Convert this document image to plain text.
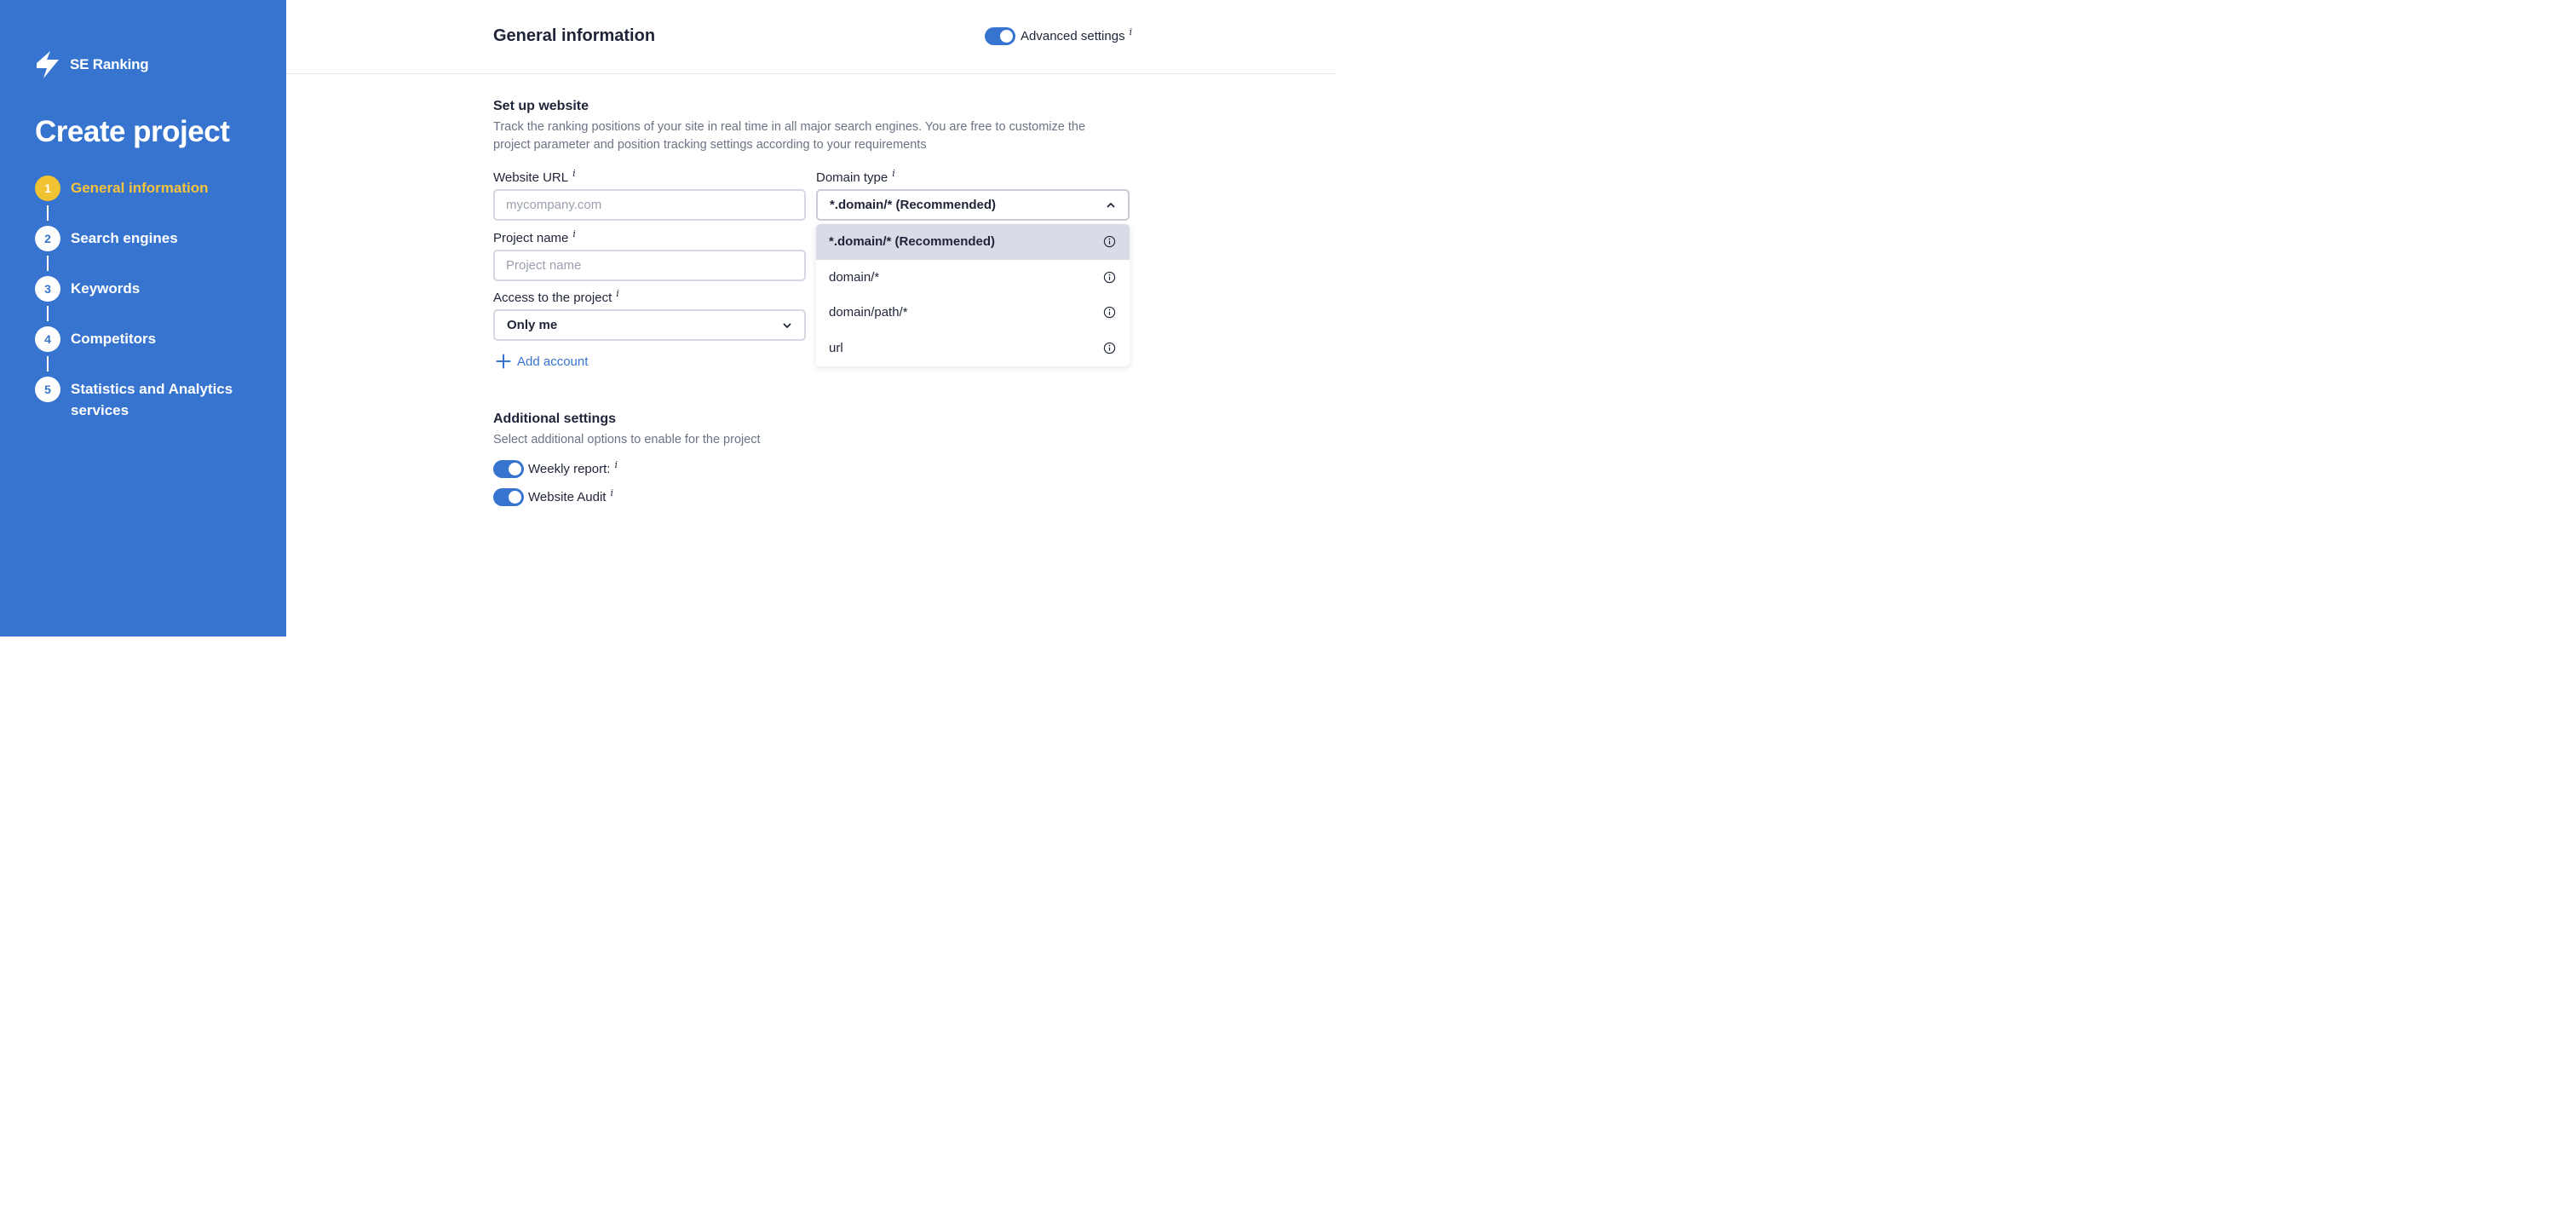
SE Ranking
Create project
1	General information
2	Search engines
3	Keywords
4	Competitors
5	Statistics and Analytics services
General information	Advanced settings i
Set up website
Track the ranking positions of your site in real time in all major search engines. You are free to customize the project parameter and position tracking settings according to your requirements
Website URL i
mycompany.com
Project name i
Project name
Access to the project i
Only me
Add account
Domain type i
*.domain/* (Recommended)
Additional settings
Select additional options to enable for the project
Weekly report: i
Website Audit i
*.domain/* (Recommended)
domain/*
domain/path/*
url
